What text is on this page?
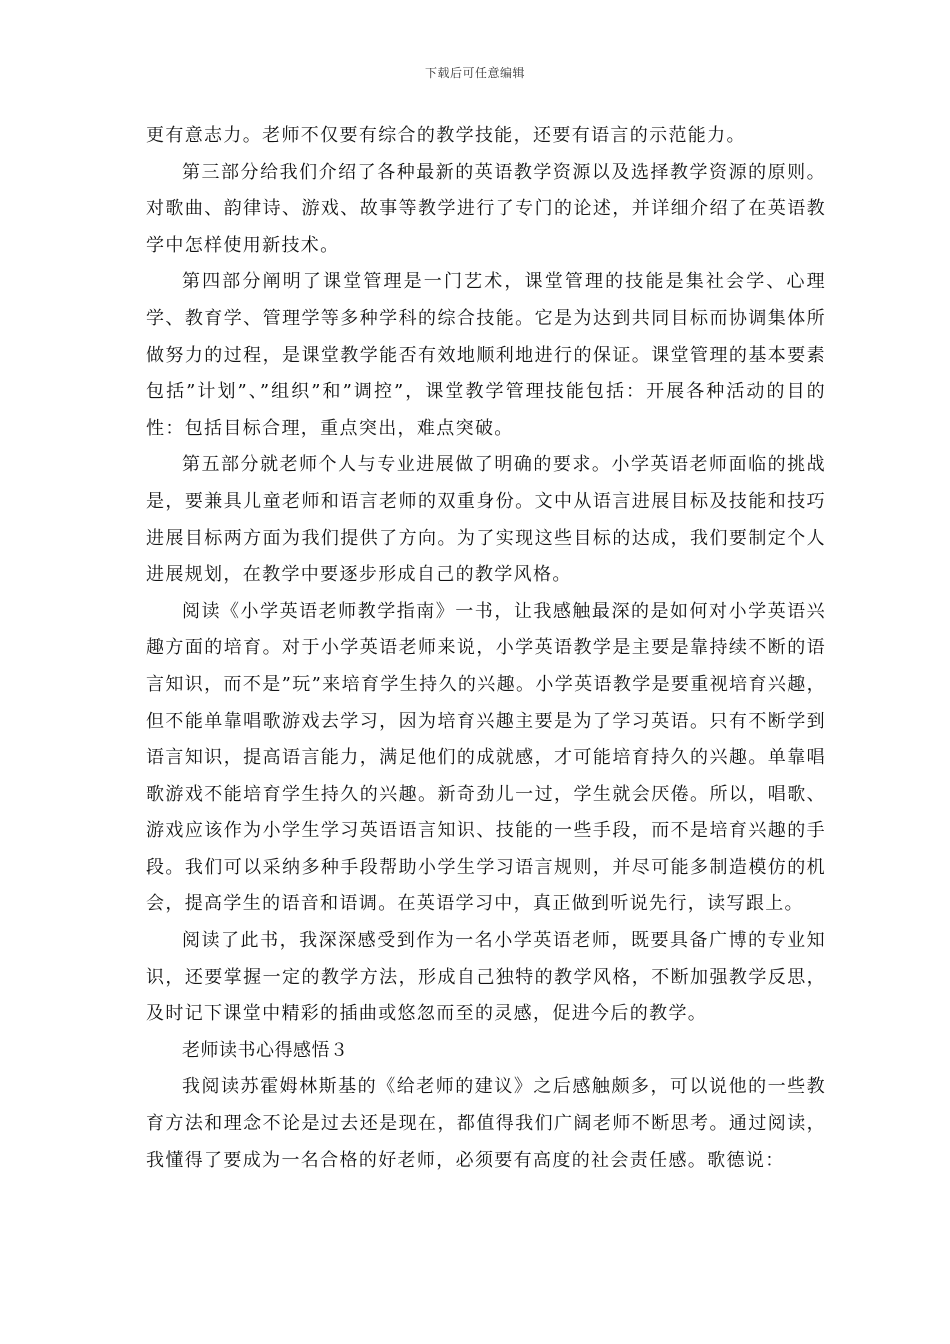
下载后可任意编辑

更有意志力。老师不仅要有综合的教学技能，还要有语言的示范能力。

第三部分给我们介绍了各种最新的英语教学资源以及选择教学资源的原则。对歌曲、韵律诗、游戏、故事等教学进行了专门的论述，并详细介绍了在英语教学中怎样使用新技术。

第四部分阐明了课堂管理是一门艺术，课堂管理的技能是集社会学、心理学、教育学、管理学等多种学科的综合技能。它是为达到共同目标而协调集体所做努力的过程，是课堂教学能否有效地顺利地进行的保证。课堂管理的基本要素包括”计划”、”组织”和”调控”，课堂教学管理技能包括：开展各种活动的目的性：包括目标合理，重点突出，难点突破。

第五部分就老师个人与专业进展做了明确的要求。小学英语老师面临的挑战是，要兼具儿童老师和语言老师的双重身份。文中从语言进展目标及技能和技巧进展目标两方面为我们提供了方向。为了实现这些目标的达成，我们要制定个人进展规划，在教学中要逐步形成自己的教学风格。

阅读《小学英语老师教学指南》一书，让我感触最深的是如何对小学英语兴趣方面的培育。对于小学英语老师来说，小学英语教学是主要是靠持续不断的语言知识，而不是”玩”来培育学生持久的兴趣。小学英语教学是要重视培育兴趣，但不能单靠唱歌游戏去学习，因为培育兴趣主要是为了学习英语。只有不断学到语言知识，提高语言能力，满足他们的成就感，才可能培育持久的兴趣。单靠唱歌游戏不能培育学生持久的兴趣。新奇劲儿一过，学生就会厌倦。所以，唱歌、游戏应该作为小学生学习英语语言知识、技能的一些手段，而不是培育兴趣的手段。我们可以采纳多种手段帮助小学生学习语言规则，并尽可能多制造模仿的机会，提高学生的语音和语调。在英语学习中，真正做到听说先行，读写跟上。

阅读了此书，我深深感受到作为一名小学英语老师，既要具备广博的专业知识，还要掌握一定的教学方法，形成自己独特的教学风格，不断加强教学反思，及时记下课堂中精彩的插曲或悠忽而至的灵感，促进今后的教学。

老师读书心得感悟３

我阅读苏霍姆林斯基的《给老师的建议》之后感触颇多，可以说他的一些教育方法和理念不论是过去还是现在，都值得我们广阔老师不断思考。通过阅读，我懂得了要成为一名合格的好老师，必须要有高度的社会责任感。歌德说：
